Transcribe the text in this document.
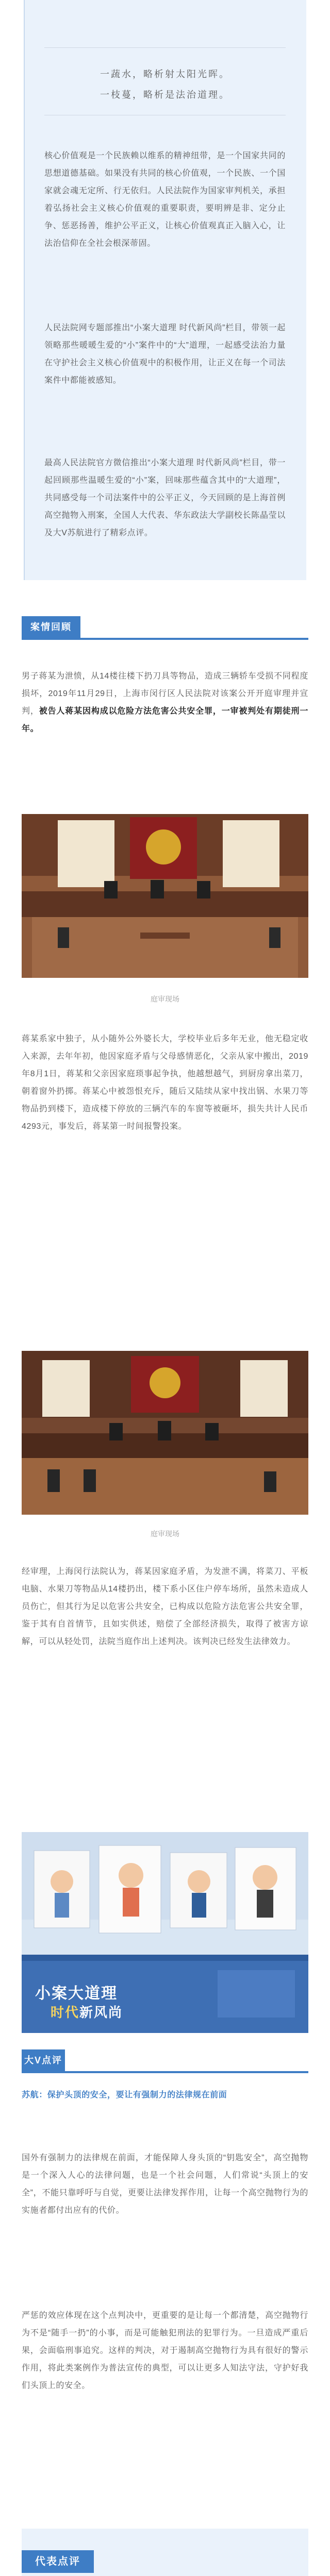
一蔬水，略析射太阳光晖。
一枝蔓，略析是法治道理。

核心价值观是一个民族赖以维系的精神纽带，是一个国家共同的思想道德基础。如果没有共同的核心价值观，一个民族、一个国家就会魂无定所、行无依归。人民法院作为国家审判机关，承担着弘扬社会主义核心价值观的重要职责，要明辨是非、定分止争、惩恶扬善，维护公平正义，让核心价值观真正入脑入心，让法治信仰在全社会根深蒂固。

人民法院网专题部推出“小案大道理 时代新风尚”栏目，带领一起领略那些暖暖生爱的“小”案件中的“大”道理，一起感受法治力量在守护社会主义核心价值观中的积极作用，让正义在每一个司法案件中都能被感知。

最高人民法院官方微信推出“小案大道理 时代新风尚”栏目，带一起回顾那些温暖生爱的“小”案，回味那些蕴含其中的“大道理”，共同感受每一个司法案件中的公平正义，今天回顾的是上海首例高空抛物入刑案，全国人大代表、华东政法大学副校长陈晶莹以及大V苏航进行了精彩点评。

案情回顾

男子蒋某为泄愤，从14楼往楼下扔刀具等物品，造成三辆轿车受损不同程度损坏，2019年11月29日，上海市闵行区人民法院对该案公开开庭审理并宣判，被告人蒋某因构成以危险方法危害公共安全罪，一审被判处有期徒刑一年。

庭审现场

蒋某系家中独子，从小随外公外婆长大，学校毕业后多年无业，他无稳定收入来源，去年年初，他因家庭矛盾与父母感情恶化，父亲从家中搬出，2019年8月1日，蒋某和父亲因家庭琐事起争执，他越想越气，到厨房拿出菜刀，朝着窗外扔掷。蒋某心中被怨恨充斥，随后又陆续从家中找出锅、水果刀等物品扔到楼下，造成楼下停放的三辆汽车的车窗等被砸坏，损失共计人民币4293元，事发后，蒋某第一时间报警投案。

庭审现场

经审理，上海闵行法院认为，蒋某因家庭矛盾，为发泄不满，将菜刀、平板电脑、水果刀等物品从14楼扔出，楼下系小区住户停车场所，虽然未造成人员伤亡，但其行为足以危害公共安全，已构成以危险方法危害公共安全罪，鉴于其有自首情节，且如实供述，赔偿了全部经济损失，取得了被害方谅解，可以从轻处罚，法院当庭作出上述判决。该判决已经发生法律效力。

小案大道理
时代新风尚
大V点评

苏航：保护头顶的安全，要让有强制力的法律规在前面

国外有强制力的法律规在前面，才能保障人身头顶的“钥匙安全”，高空抛物是一个深入人心的法律问题，也是一个社会问题，人们常说“头顶上的安全”，不能只靠呼吁与自觉，更要让法律发挥作用，让每一个高空抛物行为的实施者都付出应有的代价。

严惩的效应体现在这个点判决中，更重要的是让每一个都清楚，高空抛物行为不是“随手一扔”的小事，而是可能触犯刑法的犯罪行为。一旦造成严重后果，会面临刑事追究。这样的判决，对于遏制高空抛物行为具有很好的警示作用，将此类案例作为普法宣传的典型，可以让更多人知法守法，守护好我们头顶上的安全。

代表点评
